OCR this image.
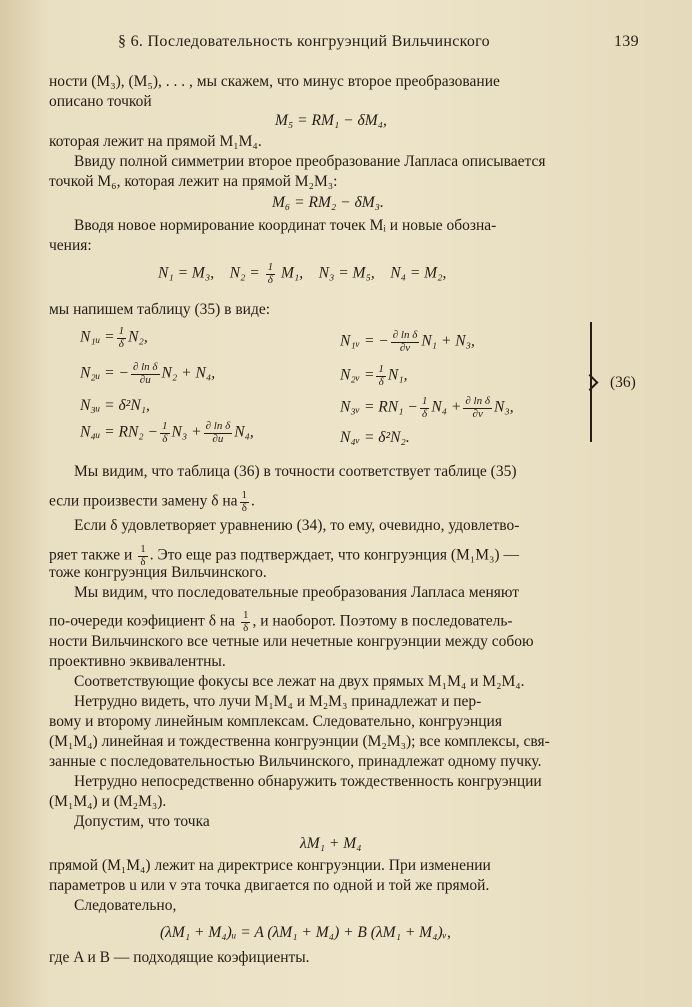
§ 6. Последовательность конгруэнций Вильчинского	139
ности (M₃), (M₅), . . . , мы скажем, что минус второе преобразование
описано точкой
M₅ = RM₁ − δM₄,
которая лежит на прямой M₁M₄.
Ввиду полной симметрии второе преобразование Лапласа описывается
точкой M₆, которая лежит на прямой M₂M₃:
M₆ = RM₂ − δM₃.
Вводя новое нормирование координат точек Mᵢ и новые обозна-
чения:
N₁ = M₃, $N_2 = \frac{1}{\delta} M_1$, N₃ = M₅, N₄ = M₂,
мы напишем таблицу (35) в виде:
N₁ᵤ = $\frac{1}{\delta} N_2$,
N₂ᵤ = − $\frac{\text{∂ ln δ}}{\partial u} N_2 + N_4$,
N₃ᵤ = δ²N₁,
N₄ᵤ = $RN_2 - \frac{1}{\delta} N_3 + \frac{\text{∂ ln δ}}{\partial u} N_4$,
N₁ᵥ = − $\frac{\text{∂ ln δ}}{\partial v} N_1 + N_3$,
N₂ᵥ = $\frac{1}{\delta} N_1$,
N₃ᵥ = $RN_1 - \frac{1}{\delta} N_4 + \frac{\text{∂ ln δ}}{\partial v} N_3$,
N₄ᵥ = δ²N₂.
(36)
Мы видим, что таблица (36) в точности соответствует таблице (35)
если произвести замену δ на $\frac{1}{\delta}$ .
Если δ удовлетворяет уравнению (34), то ему, очевидно, удовлетво-
ряет также и $\frac{1}{\delta}$ . Это еще раз подтверждает, что конгруэнция (M₁M₃) —
тоже конгруэнция Вильчинского.
Мы видим, что последовательные преобразования Лапласа меняют
по-очереди коэфициент δ на $\frac{1}{\delta}$ , и наоборот. Поэтому в последователь-
ности Вильчинского все четные или нечетные конгруэнции между собою
проективно эквивалентны.
Соответствующие фокусы все лежат на двух прямых M₁M₄ и M₂M₄.
Нетрудно видеть, что лучи M₁M₄ и M₂M₃ принадлежат и пер-
вому и второму линейным комплексам. Следовательно, конгруэнция
(M₁M₄) линейная и тождественна конгруэнции (M₂M₃); все комплексы, свя-
занные с последовательностью Вильчинского, принадлежат одному пучку.
Нетрудно непосредственно обнаружить тождественность конгруэнции
(M₁M₄) и (M₂M₃).
Допустим, что точка
λM₁ + M₄
прямой (M₁M₄) лежит на директрисе конгруэнции. При изменении
параметров u или v эта точка двигается по одной и той же прямой.
Следовательно,
(λM₁ + M₄)ᵤ = A (λM₁ + M₄) + B (λM₁ + M₄)ᵥ,
где A и B — подходящие коэфициенты.
